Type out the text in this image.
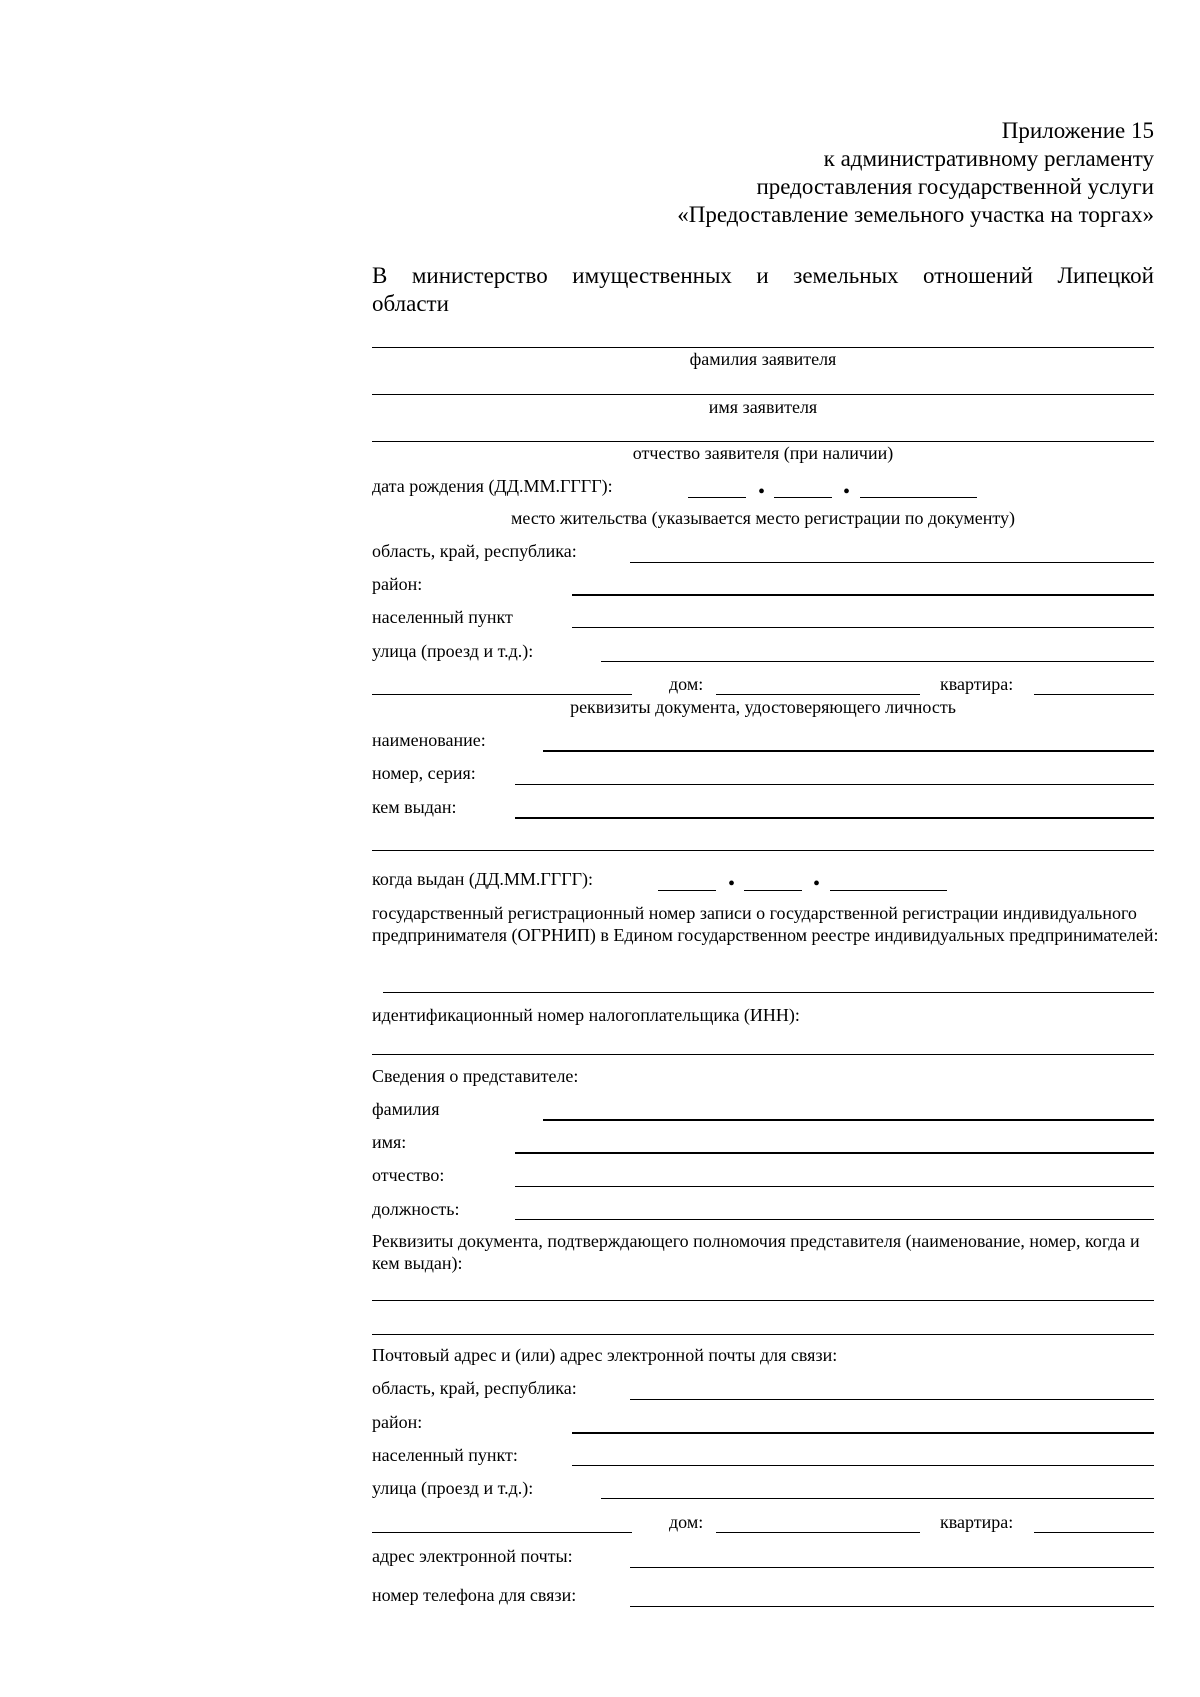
Приложение 15
к административному регламенту
предоставления государственной услуги
«Предоставление земельного участка на торгах»
В министерство имущественных и земельных отношений Липецкой
области
фамилия заявителя
имя заявителя
отчество заявителя (при наличии)
дата рождения (ДД.ММ.ГГГГ):	•	•
место жительства (указывается место регистрации по документу)
область, край, республика:
район:
населенный пункт
улица (проезд и т.д.):
дом:	квартира:
реквизиты документа, удостоверяющего личность
наименование:
номер, серия:
кем выдан:
когда выдан (ДД.ММ.ГГГГ):	•	•
государственный регистрационный номер записи о государственной регистрации индивидуального предпринимателя (ОГРНИП) в Едином государственном реестре индивидуальных предпринимателей:
идентификационный номер налогоплательщика (ИНН):
Сведения о представителе:
фамилия
имя:
отчество:
должность:
Реквизиты документа, подтверждающего полномочия представителя (наименование, номер, когда и кем выдан):
Почтовый адрес и (или) адрес электронной почты для связи:
область, край, республика:
район:
населенный пункт:
улица (проезд и т.д.):
дом:	квартира:
адрес электронной почты:
номер телефона для связи:
